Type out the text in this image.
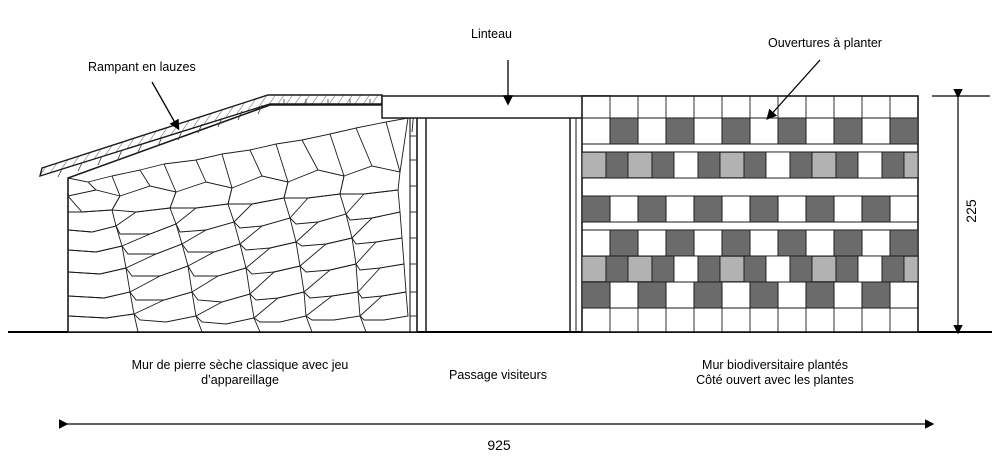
Rampant en lauzes
Linteau
Ouvertures à planter
Mur de pierre sèche classique avec jeu
d’appareillage	Passage visiteurs
Mur biodiversitaire plantés
Côté ouvert avec les plantes
225
925
